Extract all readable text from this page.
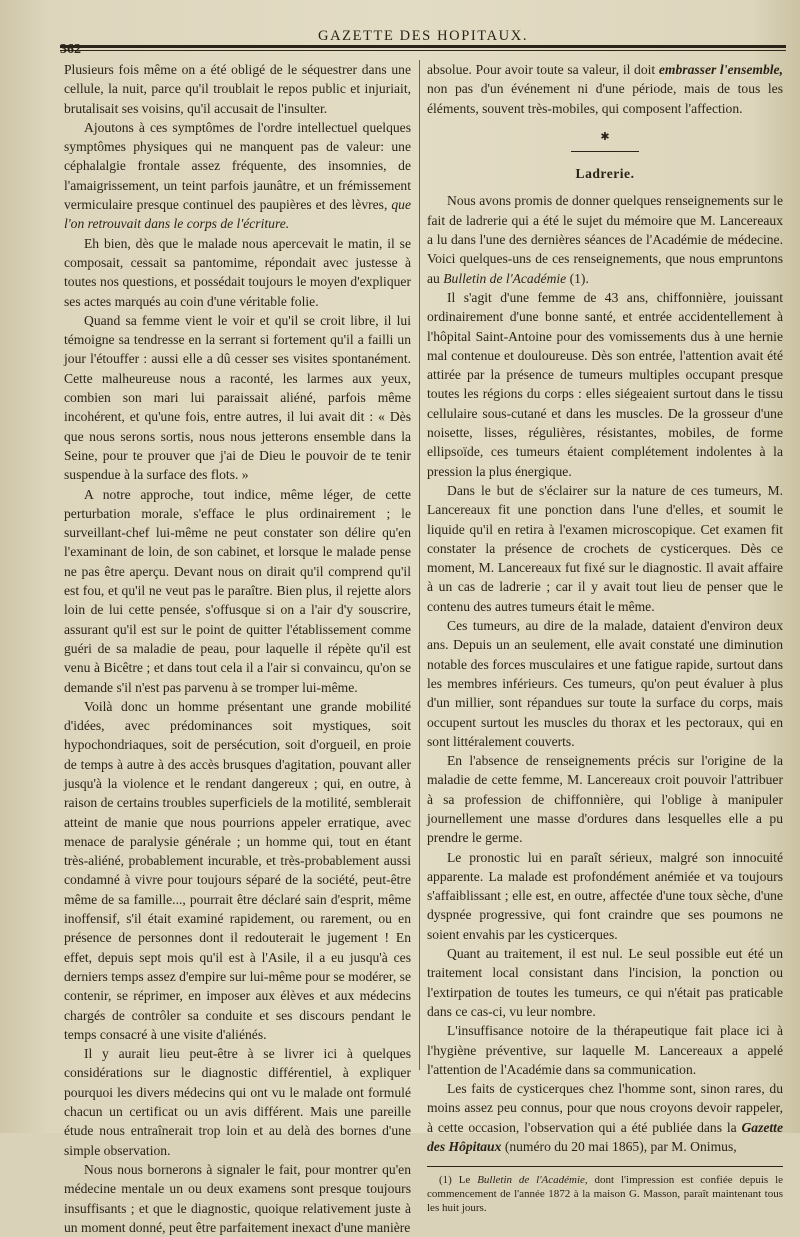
362
GAZETTE DES HOPITAUX.

Plusieurs fois même on a été obligé de le séquestrer dans une cellule, la nuit, parce qu'il troublait le repos public et injuriait, brutalisait ses voisins, qu'il accusait de l'insulter.

Ajoutons à ces symptômes de l'ordre intellectuel quelques symptômes physiques qui ne manquent pas de valeur: une céphalalgie frontale assez fréquente, des insomnies, de l'amaigrissement, un teint parfois jaunâtre, et un frémissement vermiculaire presque continuel des paupières et des lèvres, que l'on retrouvait dans le corps de l'écriture.

Eh bien, dès que le malade nous apercevait le matin, il se composait, cessait sa pantomime, répondait avec justesse à toutes nos questions, et possédait toujours le moyen d'expliquer ses actes marqués au coin d'une véritable folie.

Quand sa femme vient le voir et qu'il se croit libre, il lui témoigne sa tendresse en la serrant si fortement qu'il a failli un jour l'étouffer : aussi elle a dû cesser ses visites spontanément. Cette malheureuse nous a raconté, les larmes aux yeux, combien son mari lui paraissait aliéné, parfois même incohérent, et qu'une fois, entre autres, il lui avait dit : « Dès que nous serons sortis, nous nous jetterons ensemble dans la Seine, pour te prouver que j'ai de Dieu le pouvoir de te tenir suspendue à la surface des flots. »

A notre approche, tout indice, même léger, de cette perturbation morale, s'efface le plus ordinairement ; le surveillant-chef lui-même ne peut constater son délire qu'en l'examinant de loin, de son cabinet, et lorsque le malade pense ne pas être aperçu. Devant nous on dirait qu'il comprend qu'il est fou, et qu'il ne veut pas le paraître. Bien plus, il rejette alors loin de lui cette pensée, s'offusque si on a l'air d'y souscrire, assurant qu'il est sur le point de quitter l'établissement comme guéri de sa maladie de peau, pour laquelle il répète qu'il est venu à Bicêtre ; et dans tout cela il a l'air si convaincu, qu'on se demande s'il n'est pas parvenu à se tromper lui-même.

Voilà donc un homme présentant une grande mobilité d'idées, avec prédominances soit mystiques, soit hypochondriaques, soit de persécution, soit d'orgueil, en proie de temps à autre à des accès brusques d'agitation, pouvant aller jusqu'à la violence et le rendant dangereux ; qui, en outre, à raison de certains troubles superficiels de la motilité, semblerait atteint de manie que nous pourrions appeler erratique, avec menace de paralysie générale ; un homme qui, tout en étant très-aliéné, probablement incurable, et très-probablement aussi condamné à vivre pour toujours séparé de la société, peut-être même de sa famille..., pourrait être déclaré sain d'esprit, même inoffensif, s'il était examiné rapidement, ou rarement, ou en présence de personnes dont il redouterait le jugement ! En effet, depuis sept mois qu'il est à l'Asile, il a eu jusqu'à ces derniers temps assez d'empire sur lui-même pour se modérer, se contenir, se réprimer, en imposer aux élèves et aux médecins chargés de contrôler sa conduite et ses discours pendant le temps consacré à une visite d'aliénés.

Il y aurait lieu peut-être à se livrer ici à quelques considérations sur le diagnostic différentiel, à expliquer pourquoi les divers médecins qui ont vu le malade ont formulé chacun un certificat ou un avis différent. Mais une pareille étude nous entraînerait trop loin et au delà des bornes d'une simple observation.

Nous nous bornerons à signaler le fait, pour montrer qu'en médecine mentale un ou deux examens sont presque toujours insuffisants ; et que le diagnostic, quoique relativement juste à un moment donné, peut être parfaitement inexact d'une manière

absolue. Pour avoir toute sa valeur, il doit embrasser l'ensemble, non pas d'un événement ni d'une période, mais de tous les éléments, souvent très-mobiles, qui composent l'affection.

✱
Ladrerie.

Nous avons promis de donner quelques renseignements sur le fait de ladrerie qui a été le sujet du mémoire que M. Lancereaux a lu dans l'une des dernières séances de l'Académie de médecine. Voici quelques-uns de ces renseignements, que nous empruntons au Bulletin de l'Académie (1).

Il s'agit d'une femme de 43 ans, chiffonnière, jouissant ordinairement d'une bonne santé, et entrée accidentellement à l'hôpital Saint-Antoine pour des vomissements dus à une hernie mal contenue et douloureuse. Dès son entrée, l'attention avait été attirée par la présence de tumeurs multiples occupant presque toutes les régions du corps : elles siégeaient surtout dans le tissu cellulaire sous-cutané et dans les muscles. De la grosseur d'une noisette, lisses, régulières, résistantes, mobiles, de forme ellipsoïde, ces tumeurs étaient complétement indolentes à la pression la plus énergique.

Dans le but de s'éclairer sur la nature de ces tumeurs, M. Lancereaux fit une ponction dans l'une d'elles, et soumit le liquide qu'il en retira à l'examen microscopique. Cet examen fit constater la présence de crochets de cysticerques. Dès ce moment, M. Lancereaux fut fixé sur le diagnostic. Il avait affaire à un cas de ladrerie ; car il y avait tout lieu de penser que le contenu des autres tumeurs était le même.

Ces tumeurs, au dire de la malade, dataient d'environ deux ans. Depuis un an seulement, elle avait constaté une diminution notable des forces musculaires et une fatigue rapide, surtout dans les membres inférieurs. Ces tumeurs, qu'on peut évaluer à plus d'un millier, sont répandues sur toute la surface du corps, mais occupent surtout les muscles du thorax et les pectoraux, qui en sont littéralement couverts.

En l'absence de renseignements précis sur l'origine de la maladie de cette femme, M. Lancereaux croit pouvoir l'attribuer à sa profession de chiffonnière, qui l'oblige à manipuler journellement une masse d'ordures dans lesquelles elle a pu prendre le germe.

Le pronostic lui en paraît sérieux, malgré son innocuité apparente. La malade est profondément anémiée et va toujours s'affaiblissant ; elle est, en outre, affectée d'une toux sèche, d'une dyspnée progressive, qui font craindre que ses poumons ne soient envahis par les cysticerques.

Quant au traitement, il est nul. Le seul possible eut été un traitement local consistant dans l'incision, la ponction ou l'extirpation de toutes les tumeurs, ce qui n'était pas praticable dans ce cas-ci, vu leur nombre.

L'insuffisance notoire de la thérapeutique fait place ici à l'hygiène préventive, sur laquelle M. Lancereaux a appelé l'attention de l'Académie dans sa communication.

Les faits de cysticerques chez l'homme sont, sinon rares, du moins assez peu connus, pour que nous croyons devoir rappeler, à cette occasion, l'observation qui a été publiée dans la Gazette des Hôpitaux (numéro du 20 mai 1865), par M. Onimus,

(1) Le Bulletin de l'Académie, dont l'impression est confiée depuis le commencement de l'année 1872 à la maison G. Masson, paraît maintenant tous les huit jours.
